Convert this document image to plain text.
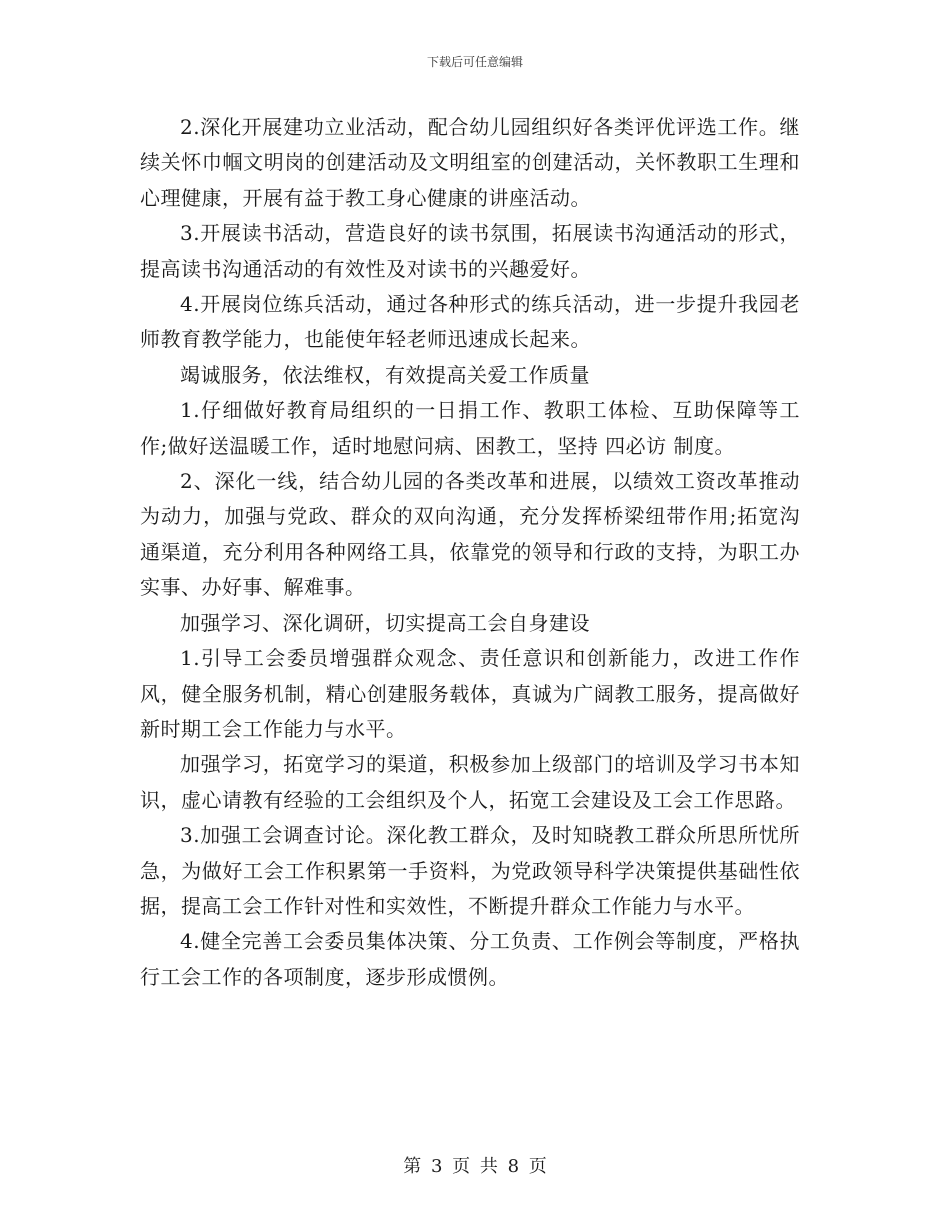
下载后可任意编辑

2.深化开展建功立业活动，配合幼儿园组织好各类评优评选工作。继续关怀巾帼文明岗的创建活动及文明组室的创建活动，关怀教职工生理和心理健康，开展有益于教工身心健康的讲座活动。

3.开展读书活动，营造良好的读书氛围，拓展读书沟通活动的形式，提高读书沟通活动的有效性及对读书的兴趣爱好。

4.开展岗位练兵活动，通过各种形式的练兵活动，进一步提升我园老师教育教学能力，也能使年轻老师迅速成长起来。

竭诚服务，依法维权，有效提高关爱工作质量

1.仔细做好教育局组织的一日捐工作、教职工体检、互助保障等工作;做好送温暖工作，适时地慰问病、困教工，坚持 四必访 制度。

2、深化一线，结合幼儿园的各类改革和进展，以绩效工资改革推动为动力，加强与党政、群众的双向沟通，充分发挥桥梁纽带作用;拓宽沟通渠道，充分利用各种网络工具，依靠党的领导和行政的支持，为职工办实事、办好事、解难事。

加强学习、深化调研，切实提高工会自身建设

1.引导工会委员增强群众观念、责任意识和创新能力，改进工作作风，健全服务机制，精心创建服务载体，真诚为广阔教工服务，提高做好新时期工会工作能力与水平。

加强学习，拓宽学习的渠道，积极参加上级部门的培训及学习书本知识，虚心请教有经验的工会组织及个人，拓宽工会建设及工会工作思路。

3.加强工会调查讨论。深化教工群众，及时知晓教工群众所思所忧所急，为做好工会工作积累第一手资料，为党政领导科学决策提供基础性依据，提高工会工作针对性和实效性，不断提升群众工作能力与水平。

4.健全完善工会委员集体决策、分工负责、工作例会等制度，严格执行工会工作的各项制度，逐步形成惯例。

第 3 页 共 8 页
